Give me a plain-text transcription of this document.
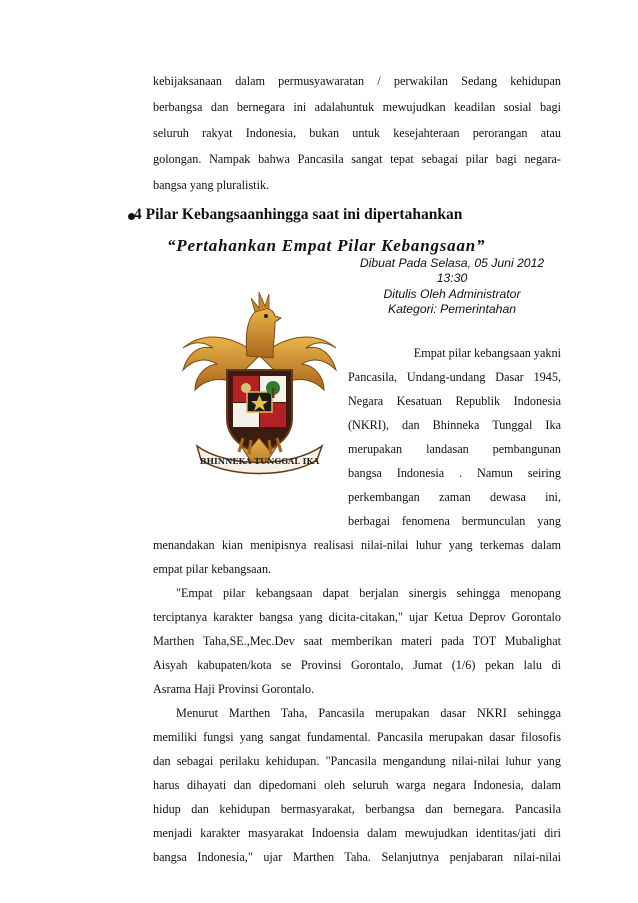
kebijaksanaan dalam permusyawaratan / perwakilan Sedang kehidupan
berbangsa dan bernegara ini adalahuntuk mewujudkan keadilan sosial bagi
seluruh rakyat Indonesia, bukan untuk kesejahteraan perorangan atau
golongan. Nampak bahwa Pancasila sangat tepat sebagai pilar bagi negara-
bangsa yang pluralistik.
4 Pilar Kebangsaanhingga saat ini dipertahankan
“Pertahankan Empat Pilar Kebangsaan”
Dibuat Pada Selasa, 05 Juni 2012
13:30
Ditulis Oleh Administrator
Kategori: Pemerintahan
BHINNEKA TUNGGAL IKA
Empat pilar kebangsaan yakni
Pancasila, Undang-undang Dasar 1945,
Negara Kesatuan Republik Indonesia
(NKRI), dan Bhinneka Tunggal Ika
merupakan landasan pembangunan
bangsa Indonesia . Namun seiring
perkembangan zaman dewasa ini,
berbagai fenomena bermunculan yang
menandakan kian menipisnya realisasi nilai-nilai luhur yang terkemas dalam
empat pilar kebangsaan.
"Empat pilar kebangsaan dapat berjalan sinergis sehingga menopang
terciptanya karakter bangsa yang dicita-citakan," ujar Ketua Deprov Gorontalo
Marthen Taha,SE.,Mec.Dev saat memberikan materi pada TOT Mubalighat
Aisyah kabupaten/kota se Provinsi Gorontalo, Jumat (1/6) pekan lalu di
Asrama Haji Provinsi Gorontalo.
Menurut Marthen Taha, Pancasila merupakan dasar NKRI sehingga
memiliki fungsi yang sangat fundamental. Pancasila merupakan dasar filosofis
dan sebagai perilaku kehidupan. "Pancasila mengandung nilai-nilai luhur yang
harus dihayati dan dipedomani oleh seluruh warga negara Indonesia, dalam
hidup dan kehidupan bermasyarakat, berbangsa dan bernegara. Pancasila
menjadi karakter masyarakat Indoensia dalam mewujudkan identitas/jati diri
bangsa Indonesia," ujar Marthen Taha. Selanjutnya penjabaran nilai-nilai
